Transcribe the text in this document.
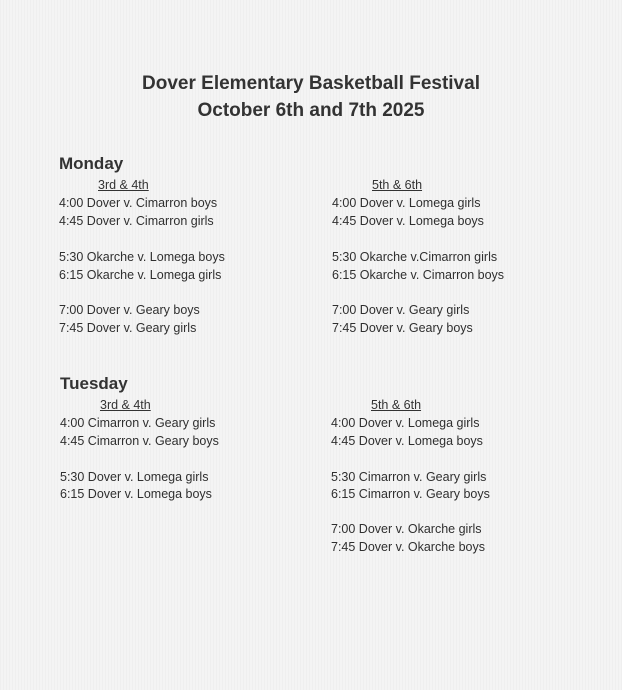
Dover Elementary Basketball Festival
October 6th and 7th 2025
Monday
3rd & 4th	5th & 6th
4:00 Dover v. Cimarron boys
4:45 Dover v. Cimarron girls
5:30 Okarche v. Lomega boys
6:15 Okarche v. Lomega girls
7:00 Dover v. Geary boys
7:45 Dover v. Geary girls
4:00 Dover v. Lomega girls
4:45 Dover v. Lomega boys
5:30 Okarche v.Cimarron girls
6:15 Okarche v. Cimarron boys
7:00 Dover v. Geary girls
7:45 Dover v. Geary boys
Tuesday
3rd & 4th	5th & 6th
4:00 Cimarron v. Geary girls
4:45 Cimarron v. Geary boys
5:30 Dover v. Lomega girls
6:15 Dover v. Lomega boys
4:00 Dover v. Lomega girls
4:45 Dover v. Lomega boys
5:30 Cimarron v. Geary girls
6:15 Cimarron v. Geary boys
7:00 Dover v. Okarche girls
7:45 Dover v. Okarche boys
